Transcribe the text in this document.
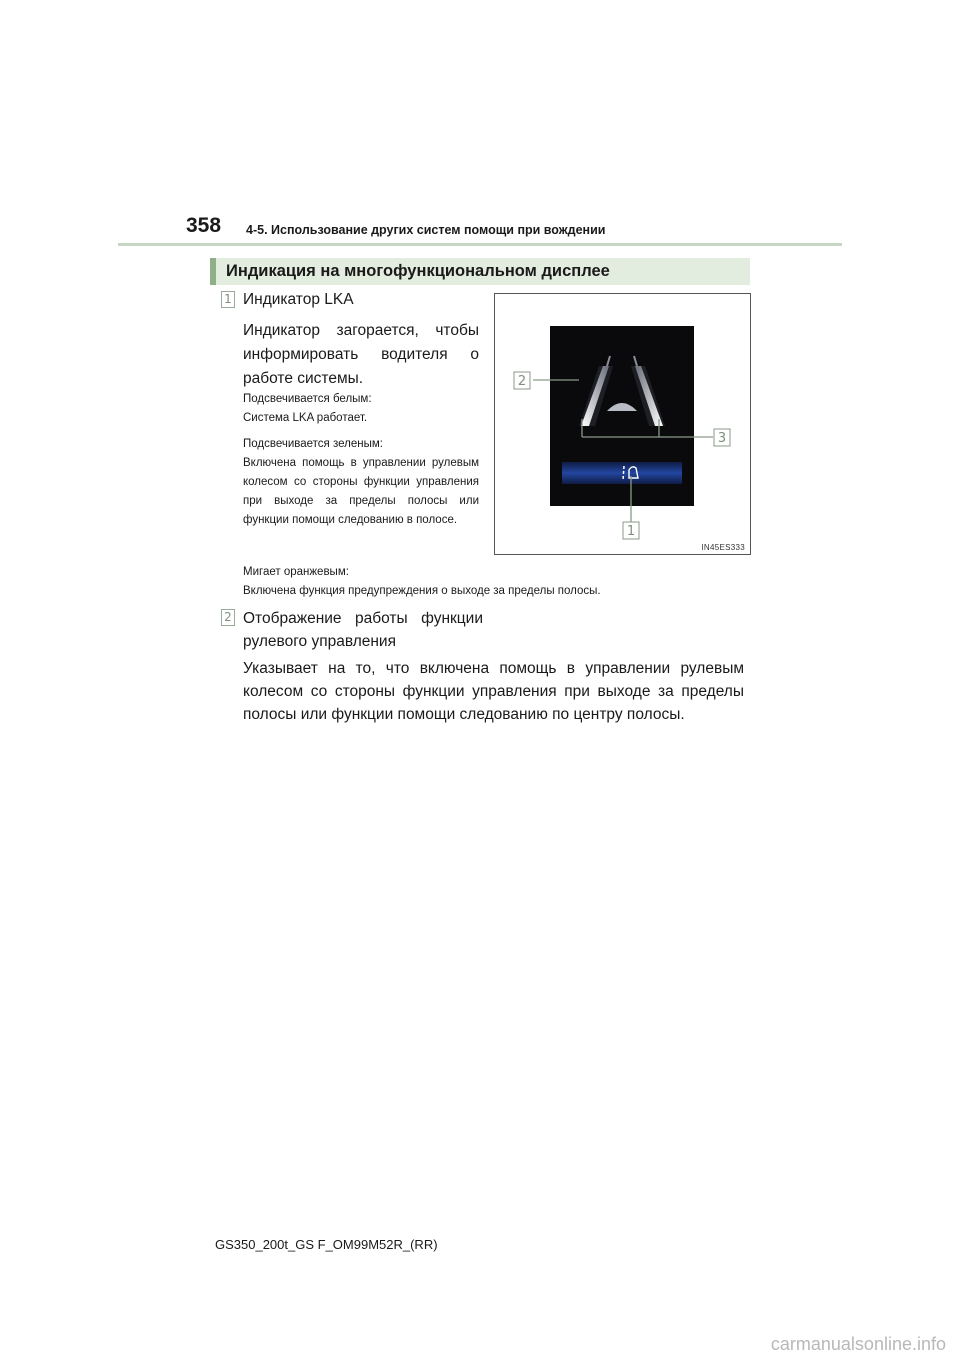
358 4-5. Использование других систем помощи при вождении
Индикация на многофункциональном дисплее
1 Индикатор LKA
Индикатор загорается, чтобы информировать водителя о работе системы.
Подсвечивается белым:
Система LKA работает.
Подсвечивается зеленым:
Включена помощь в управлении рулевым колесом со стороны функции управления при выходе за пределы полосы или функции помощи следованию в полосе.
Мигает оранжевым:
Включена функция предупреждения о выходе за пределы полосы.
2
3
1
IN45ES333
2 Отображение работы функции рулевого управления
Указывает на то, что включена помощь в управлении рулевым колесом со стороны функции управления при выходе за пределы полосы или функции помощи следованию по центру полосы.
GS350_200t_GS F_OM99M52R_(RR)
carmanualsonline.info
